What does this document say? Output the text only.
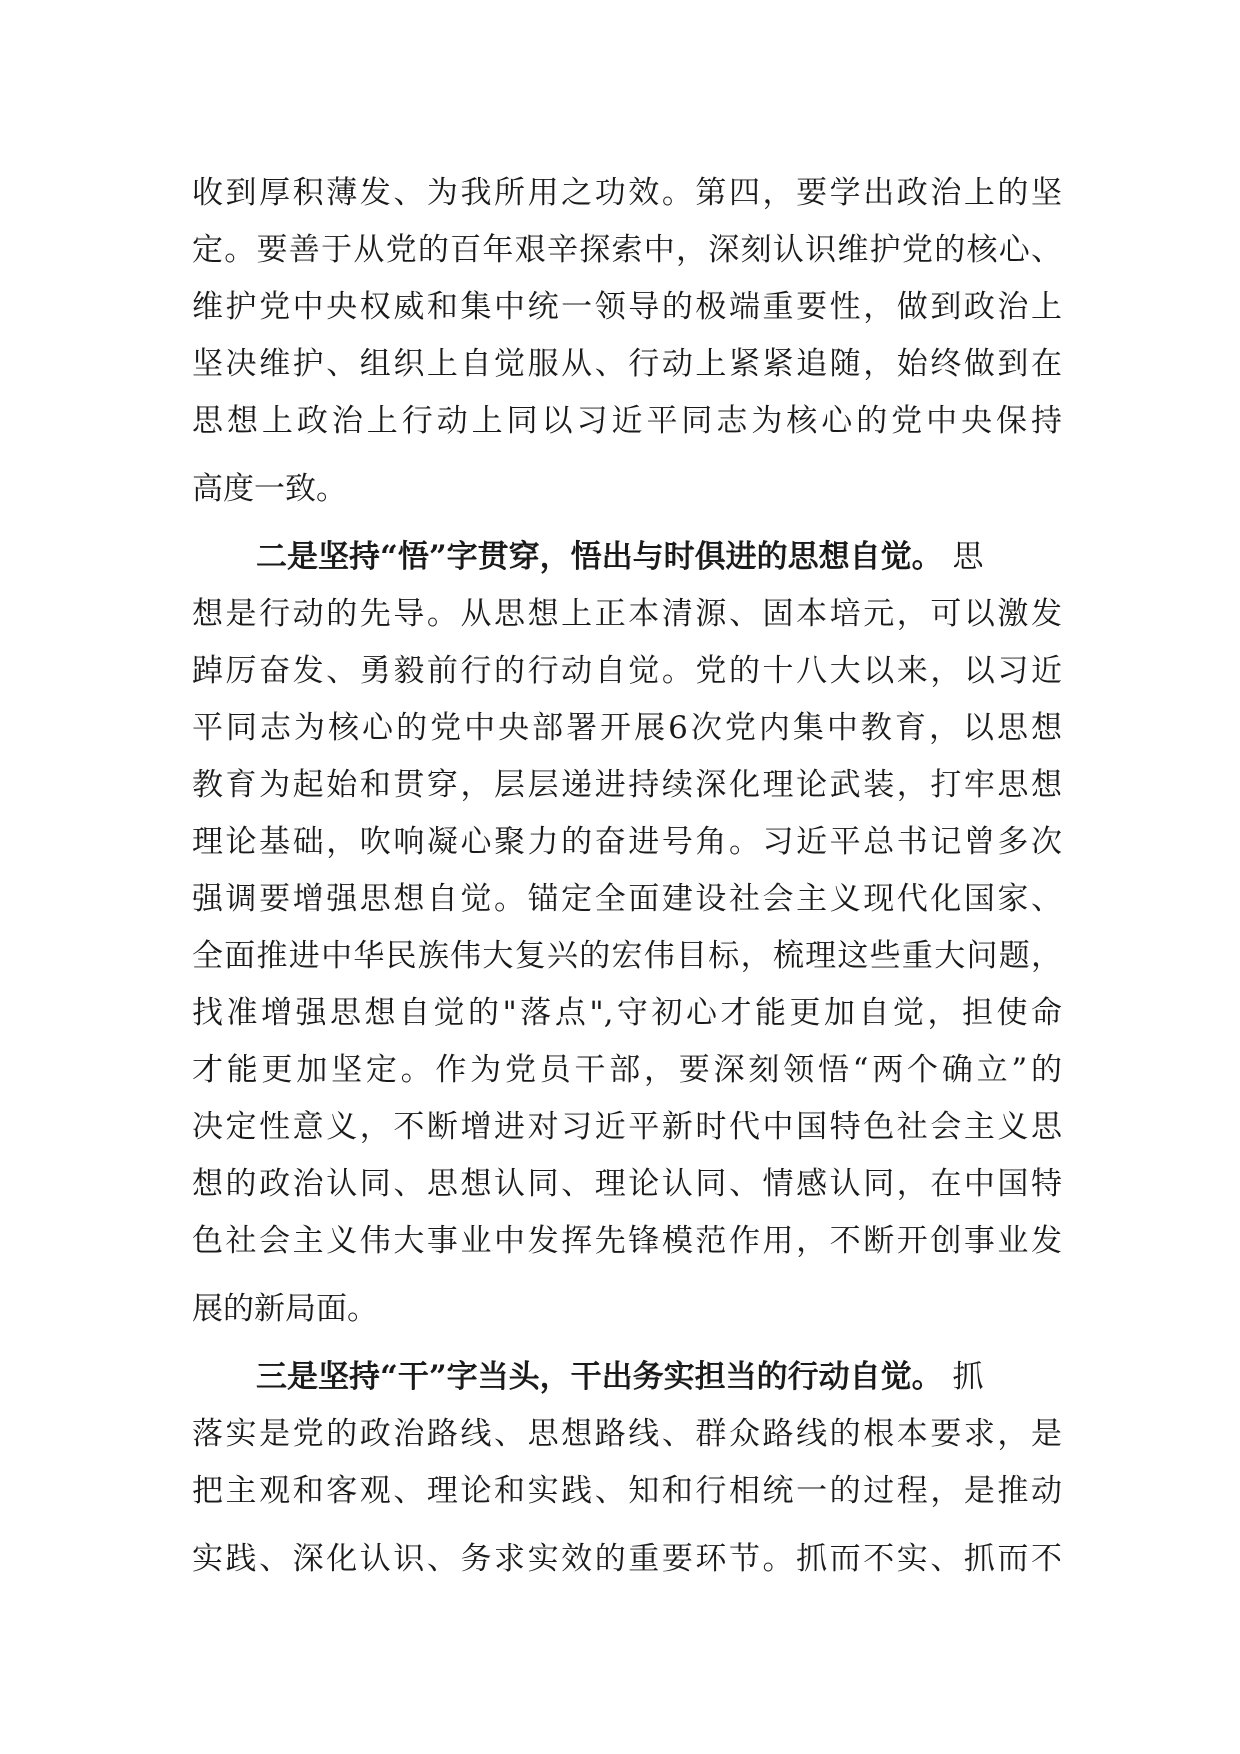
收到厚积薄发、为我所用之功效。第四，要学出政治上的坚
定。要善于从党的百年艰辛探索中，深刻认识维护党的核心、
维护党中央权威和集中统一领导的极端重要性，做到政治上
坚决维护、组织上自觉服从、行动上紧紧追随，始终做到在
思想上政治上行动上同以习近平同志为核心的党中央保持
高度一致。
二是坚持“悟”字贯穿，悟出与时俱进的思想自觉。 思
想是行动的先导。从思想上正本清源、固本培元，可以激发
踔厉奋发、勇毅前行的行动自觉。党的十八大以来，以习近
平同志为核心的党中央部署开展6次党内集中教育，以思想
教育为起始和贯穿，层层递进持续深化理论武装，打牢思想
理论基础，吹响凝心聚力的奋进号角。习近平总书记曾多次
强调要增强思想自觉。锚定全面建设社会主义现代化国家、
全面推进中华民族伟大复兴的宏伟目标，梳理这些重大问题，
找准增强思想自觉的"落点",守初心才能更加自觉，担使命
才能更加坚定。作为党员干部，要深刻领悟“两个确立”的
决定性意义，不断增进对习近平新时代中国特色社会主义思
想的政治认同、思想认同、理论认同、情感认同，在中国特
色社会主义伟大事业中发挥先锋模范作用，不断开创事业发
展的新局面。
三是坚持“干”字当头，干出务实担当的行动自觉。 抓
落实是党的政治路线、思想路线、群众路线的根本要求，是
把主观和客观、理论和实践、知和行相统一的过程，是推动
实践、深化认识、务求实效的重要环节。抓而不实、抓而不
